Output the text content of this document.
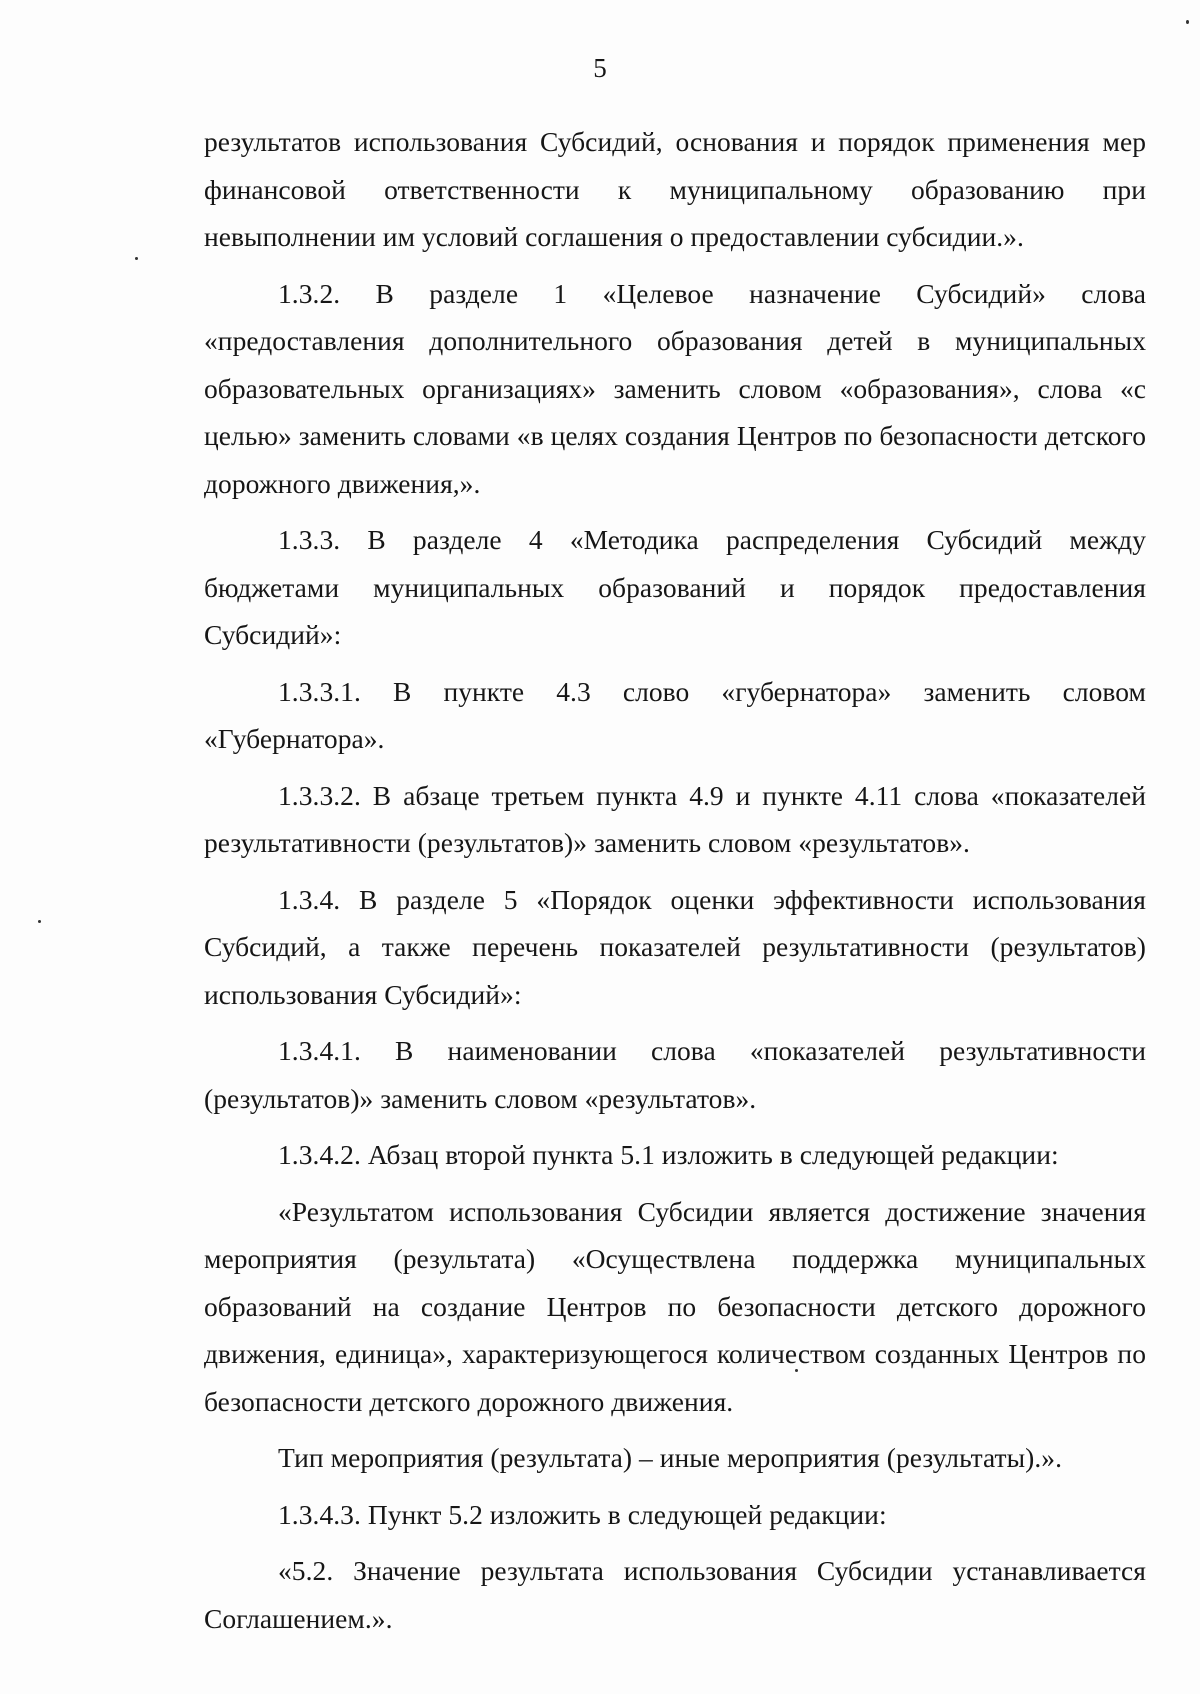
5

результатов использования Субсидий, основания и порядок применения мер финансовой ответственности к муниципальному образованию при невыполнении им условий соглашения о предоставлении субсидии.».

1.3.2. В разделе 1 «Целевое назначение Субсидий» слова «предоставления дополнительного образования детей в муниципальных образовательных организациях» заменить словом «образования», слова «с целью» заменить словами «в целях создания Центров по безопасности детского дорожного движения,».

1.3.3. В разделе 4 «Методика распределения Субсидий между бюджетами муниципальных образований и порядок предоставления Субсидий»:

1.3.3.1. В пункте 4.3 слово «губернатора» заменить словом «Губернатора».

1.3.3.2. В абзаце третьем пункта 4.9 и пункте 4.11 слова «показателей результативности (результатов)» заменить словом «результатов».

1.3.4. В разделе 5 «Порядок оценки эффективности использования Субсидий, а также перечень показателей результативности (результатов) использования Субсидий»:

1.3.4.1. В наименовании слова «показателей результативности (результатов)» заменить словом «результатов».

1.3.4.2. Абзац второй пункта 5.1 изложить в следующей редакции:

«Результатом использования Субсидии является достижение значения мероприятия (результата) «Осуществлена поддержка муниципальных образований на создание Центров по безопасности детского дорожного движения, единица», характеризующегося количеством созданных Центров по безопасности детского дорожного движения.

Тип мероприятия (результата) – иные мероприятия (результаты).».

1.3.4.3. Пункт 5.2 изложить в следующей редакции:

«5.2. Значение результата использования Субсидии устанавливается Соглашением.».
